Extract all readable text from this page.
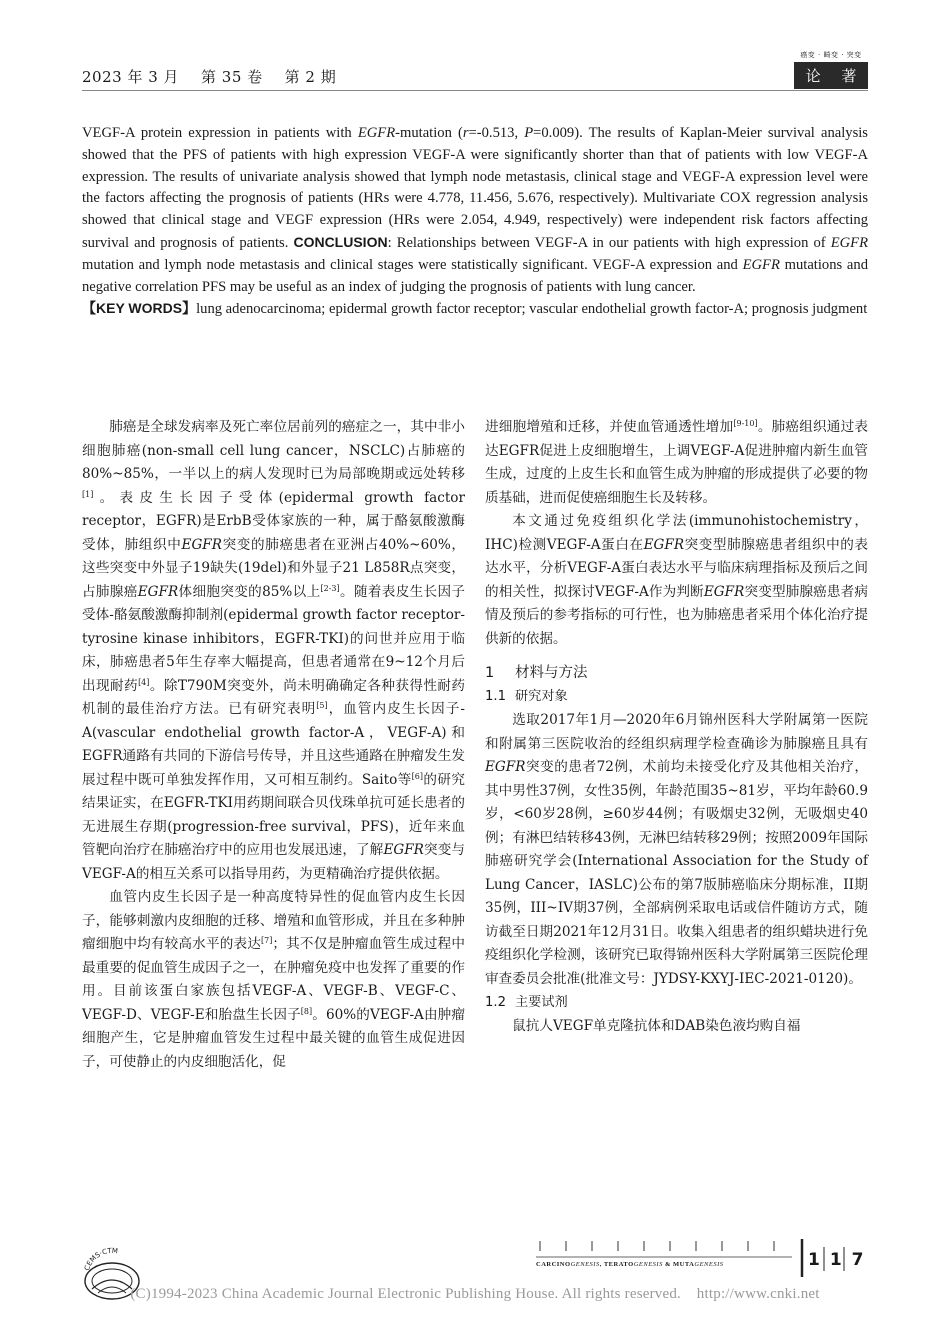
2023 年 3 月 第 35 卷 第 2 期
癌变 · 畸变 · 突变
论 著
VEGF-A protein expression in patients with EGFR-mutation (r=-0.513, P=0.009). The results of Kaplan-Meier survival analysis showed that the PFS of patients with high expression VEGF-A were significantly shorter than that of patients with low VEGF-A expression. The results of univariate analysis showed that lymph node metastasis, clinical stage and VEGF-A expression level were the factors affecting the prognosis of patients (HRs were 4.778, 11.456, 5.676, respectively). Multivariate COX regression analysis showed that clinical stage and VEGF expression (HRs were 2.054, 4.949, respectively) were independent risk factors affecting survival and prognosis of patients. CONCLUSION: Relationships between VEGF-A in our patients with high expression of EGFR mutation and lymph node metastasis and clinical stages were statistically significant. VEGF-A expression and EGFR mutations and negative correlation PFS may be useful as an index of judging the prognosis of patients with lung cancer.
【KEY WORDS】lung adenocarcinoma; epidermal growth factor receptor; vascular endothelial growth factor-A; prognosis judgment

肺癌是全球发病率及死亡率位居前列的癌症之一，其中非小细胞肺癌(non-small cell lung cancer，NSCLC)占肺癌的80%~85%，一半以上的病人发现时已为局部晚期或远处转移[1]。表皮生长因子受体(epidermal growth factor receptor，EGFR)是ErbB受体家族的一种，属于酪氨酸激酶受体，肺组织中EGFR突变的肺癌患者在亚洲占40%~60%，这些突变中外显子19缺失(19del)和外显子21 L858R点突变，占肺腺癌EGFR体细胞突变的85%以上[2-3]。随着表皮生长因子受体-酪氨酸激酶抑制剂(epidermal growth factor receptor-tyrosine kinase inhibitors，EGFR-TKI)的问世并应用于临床，肺癌患者5年生存率大幅提高，但患者通常在9~12个月后出现耐药[4]。除T790M突变外，尚未明确确定各种获得性耐药机制的最佳治疗方法。已有研究表明[5]，血管内皮生长因子-A(vascular endothelial growth factor-A，VEGF-A)和EGFR通路有共同的下游信号传导，并且这些通路在肿瘤发生发展过程中既可单独发挥作用，又可相互制约。Saito等[6]的研究结果证实，在EGFR-TKI用药期间联合贝伐珠单抗可延长患者的无进展生存期(progression-free survival，PFS)，近年来血管靶向治疗在肺癌治疗中的应用也发展迅速，了解EGFR突变与VEGF-A的相互关系可以指导用药，为更精确治疗提供依据。

血管内皮生长因子是一种高度特异性的促血管内皮生长因子，能够刺激内皮细胞的迁移、增殖和血管形成，并且在多种肿瘤细胞中均有较高水平的表达[7]；其不仅是肿瘤血管生成过程中最重要的促血管生成因子之一，在肿瘤免疫中也发挥了重要的作用。目前该蛋白家族包括VEGF-A、VEGF-B、VEGF-C、VEGF-D、VEGF-E和胎盘生长因子[8]。60%的VEGF-A由肿瘤细胞产生，它是肿瘤血管发生过程中最关键的血管生成促进因子，可使静止的内皮细胞活化，促

进细胞增殖和迁移，并使血管通透性增加[9-10]。肺癌组织通过表达EGFR促进上皮细胞增生，上调VEGF-A促进肿瘤内新生血管生成，过度的上皮生长和血管生成为肿瘤的形成提供了必要的物质基础，进而促使癌细胞生长及转移。

本文通过免疫组织化学法(immunohistochemistry，IHC)检测VEGF-A蛋白在EGFR突变型肺腺癌患者组织中的表达水平，分析VEGF-A蛋白表达水平与临床病理指标及预后之间的相关性，拟探讨VEGF-A作为判断EGFR突变型肺腺癌患者病情及预后的参考指标的可行性，也为肺癌患者采用个体化治疗提供新的依据。

1 材料与方法
1.1 研究对象

选取2017年1月—2020年6月锦州医科大学附属第一医院和附属第三医院收治的经组织病理学检查确诊为肺腺癌且具有EGFR突变的患者72例，术前均未接受化疗及其他相关治疗，其中男性37例，女性35例，年龄范围35~81岁，平均年龄60.9岁，<60岁28例，≥60岁44例；有吸烟史32例，无吸烟史40例；有淋巴结转移43例，无淋巴结转移29例；按照2009年国际肺癌研究学会(International Association for the Study of Lung Cancer，IASLC)公布的第7版肺癌临床分期标准，II期35例，III~IV期37例，全部病例采取电话或信件随访方式，随访截至日期2021年12月31日。收集入组患者的组织蜡块进行免疫组织化学检测，该研究已取得锦州医科大学附属第三医院伦理审查委员会批准(批准文号：JYDSY-KXYJ-IEC-2021-0120)。

1.2 主要试剂

鼠抗人VEGF单克隆抗体和DAB染色液均购自福

CEMS·CTM
CARCINOGENESIS, TERATOGENESIS & MUTAGENESIS	117
(C)1994-2023 China Academic Journal Electronic Publishing House. All rights reserved.    http://www.cnki.net
